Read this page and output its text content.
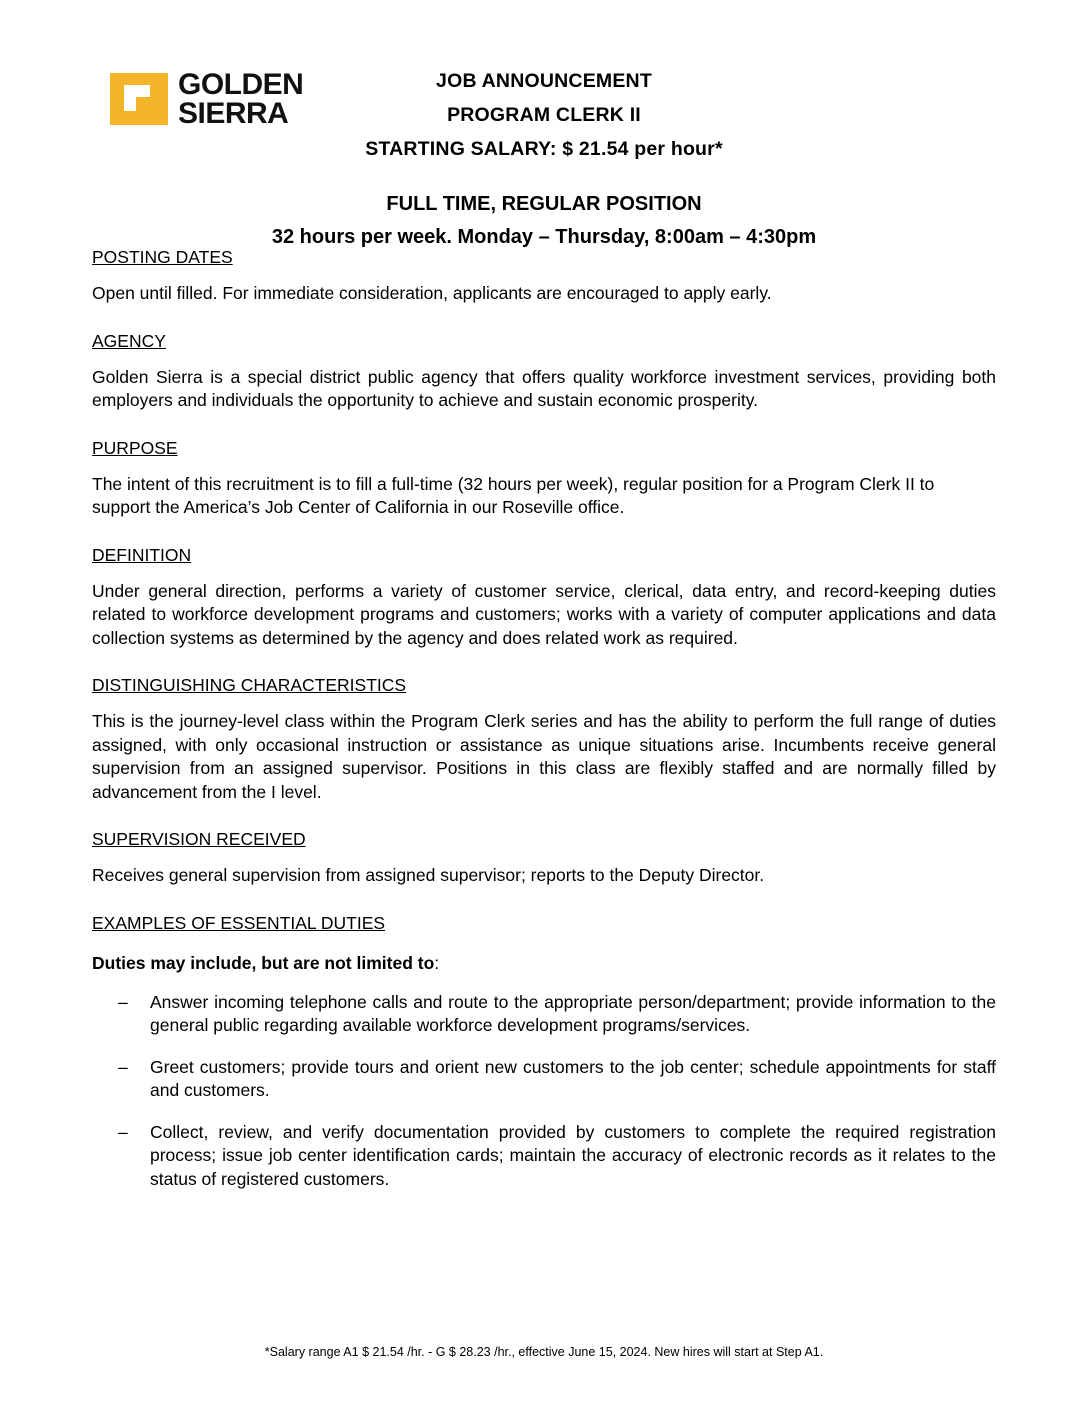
GOLDEN
SIERRA
JOB ANNOUNCEMENT
PROGRAM CLERK II
STARTING SALARY: $ 21.54 per hour*
FULL TIME, REGULAR POSITION
32 hours per week. Monday – Thursday, 8:00am – 4:30pm
POSTING DATES

Open until filled. For immediate consideration, applicants are encouraged to apply early.

AGENCY

Golden Sierra is a special district public agency that offers quality workforce investment services, providing both employers and individuals the opportunity to achieve and sustain economic prosperity.

PURPOSE

The intent of this recruitment is to fill a full-time (32 hours per week), regular position for a Program Clerk II to support the America’s Job Center of California in our Roseville office.

DEFINITION

Under general direction, performs a variety of customer service, clerical, data entry, and record-keeping duties related to workforce development programs and customers; works with a variety of computer applications and data collection systems as determined by the agency and does related work as required.

DISTINGUISHING CHARACTERISTICS

This is the journey-level class within the Program Clerk series and has the ability to perform the full range of duties assigned, with only occasional instruction or assistance as unique situations arise. Incumbents receive general supervision from an assigned supervisor. Positions in this class are flexibly staffed and are normally filled by advancement from the I level.

SUPERVISION RECEIVED

Receives general supervision from assigned supervisor; reports to the Deputy Director.

EXAMPLES OF ESSENTIAL DUTIES

Duties may include, but are not limited to:

– Answer incoming telephone calls and route to the appropriate person/department; provide information to the general public regarding available workforce development programs/services.
– Greet customers; provide tours and orient new customers to the job center; schedule appointments for staff and customers.
– Collect, review, and verify documentation provided by customers to complete the required registration process; issue job center identification cards; maintain the accuracy of electronic records as it relates to the status of registered customers.
*Salary range A1 $ 21.54 /hr. - G $ 28.23 /hr., effective June 15, 2024. New hires will start at Step A1.
